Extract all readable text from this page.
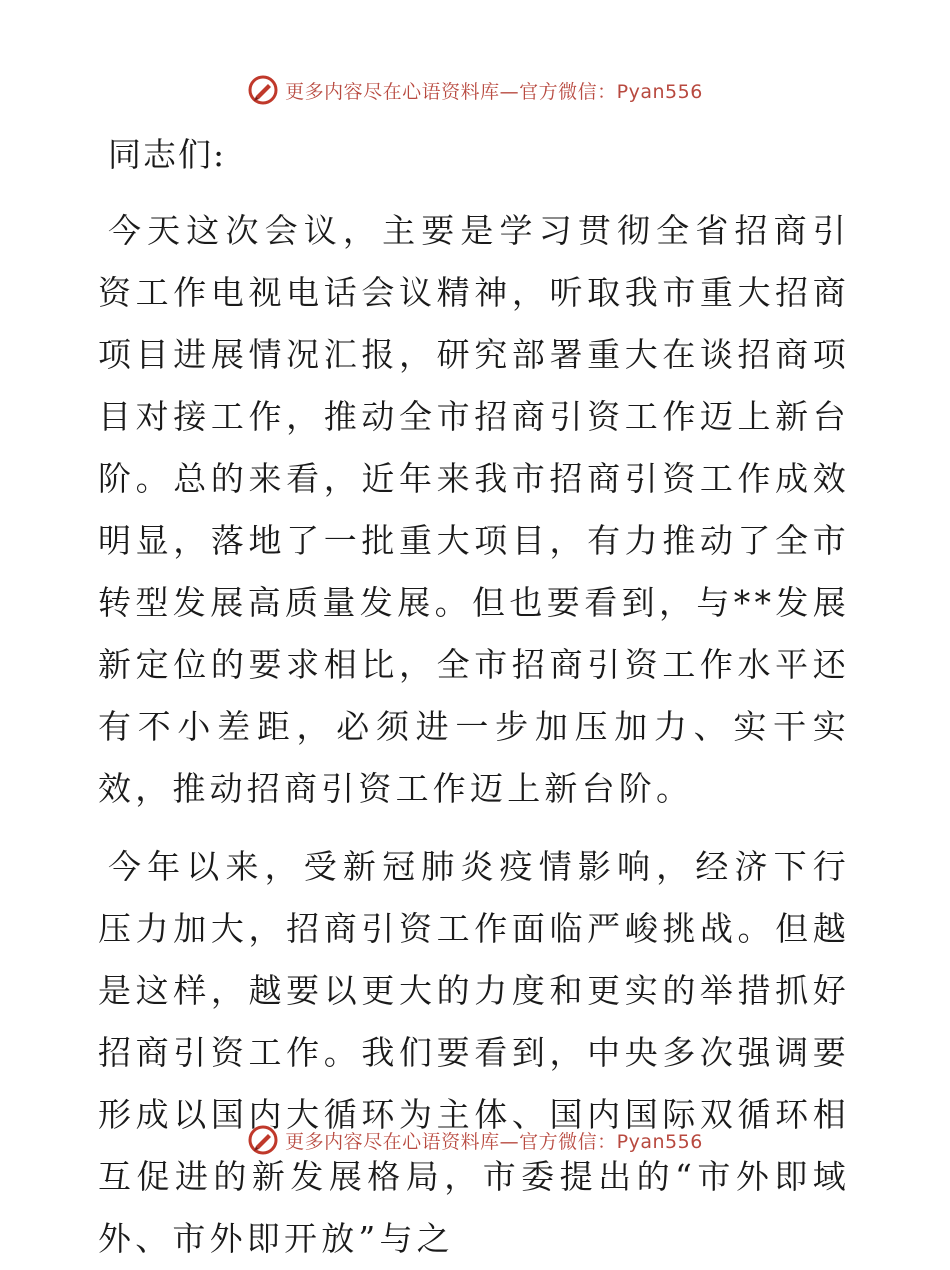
更多内容尽在心语资料库—官方微信：Pyan556
同志们:

今天这次会议，主要是学习贯彻全省招商引资工作电视电话会议精神，听取我市重大招商项目进展情况汇报，研究部署重大在谈招商项目对接工作，推动全市招商引资工作迈上新台阶。总的来看，近年来我市招商引资工作成效明显，落地了一批重大项目，有力推动了全市转型发展高质量发展。但也要看到，与**发展新定位的要求相比，全市招商引资工作水平还有不小差距，必须进一步加压加力、实干实效，推动招商引资工作迈上新台阶。

今年以来，受新冠肺炎疫情影响，经济下行压力加大，招商引资工作面临严峻挑战。但越是这样，越要以更大的力度和更实的举措抓好招商引资工作。我们要看到，中央多次强调要形成以国内大循环为主体、国内国际双循环相互促进的新发展格局，市委提出的“市外即域外、市外即开放”与之

更多内容尽在心语资料库—官方微信：Pyan556
